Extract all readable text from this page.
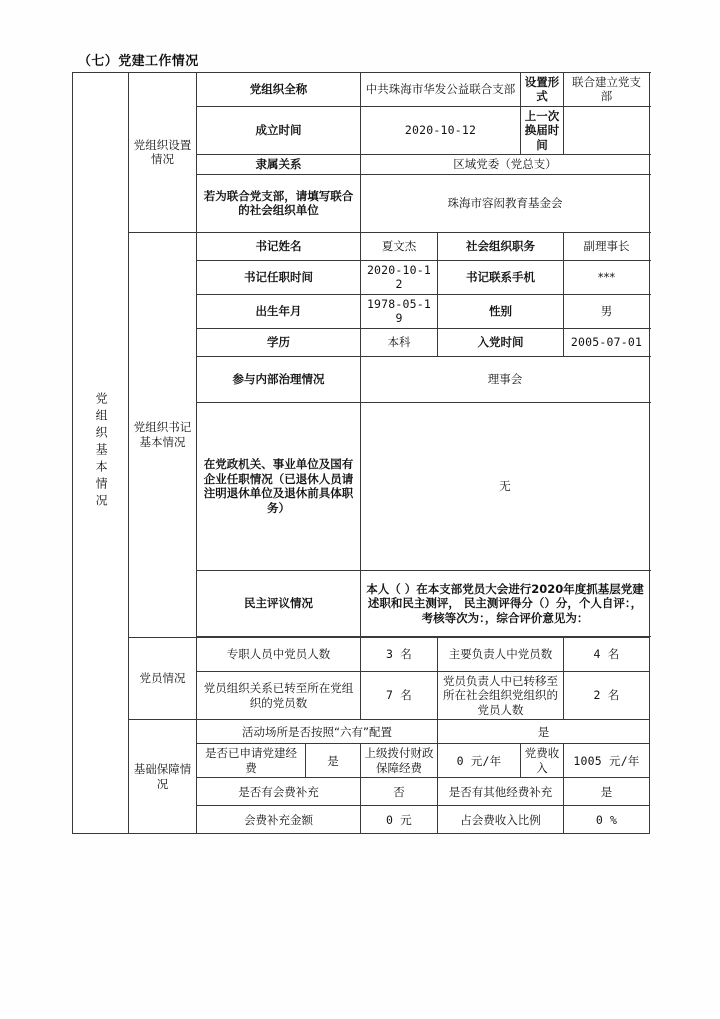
（七）党建工作情况
党组织基本情况	党组织设置情况	党组织全称		中共珠海市华发公益联合支部		设置形式	联合建立党支部
		成立时间		2020-10-12		上一次换届时间	
		隶属关系		区域党委（党总支）			
		若为联合党支部，请填写联合的社会组织单位		珠海市容闳教育基金会			
	党组织书记基本情况	书记姓名		夏文杰	社会组织职务		副理事长
		书记任职时间		2020-10-12	书记联系手机		***
		出生年月		1978-05-19	性别		男
		学历		本科	入党时间		2005-07-01
		参与内部治理情况		理事会			
		在党政机关、事业单位及国有企业任职情况（已退休人员请注明退休单位及退休前具体职务）		无			
		民主评议情况		本人（ ）在本支部党员大会进行2020年度抓基层党建述职和民主测评， 民主测评得分（）分，个人自评：， 考核等次为：，综合评价意见为：			

	党员情况	专职人员中党员人数		3 名	主要负责人中党员数		4 名
		党员组织关系已转至所在党组织的党员数		7 名	党员负责人中已转移至所在社会组织党组织的党员人数		2 名
	基础保障情况	活动场所是否按照“六有”配置			是		
		是否已申请党建经费	是	上级拨付财政保障经费	0 元/年	党费收入	1005 元/年
		是否有会费补充		否	是否有其他经费补充		是
		会费补充金额		0 元	占会费收入比例		0 %
